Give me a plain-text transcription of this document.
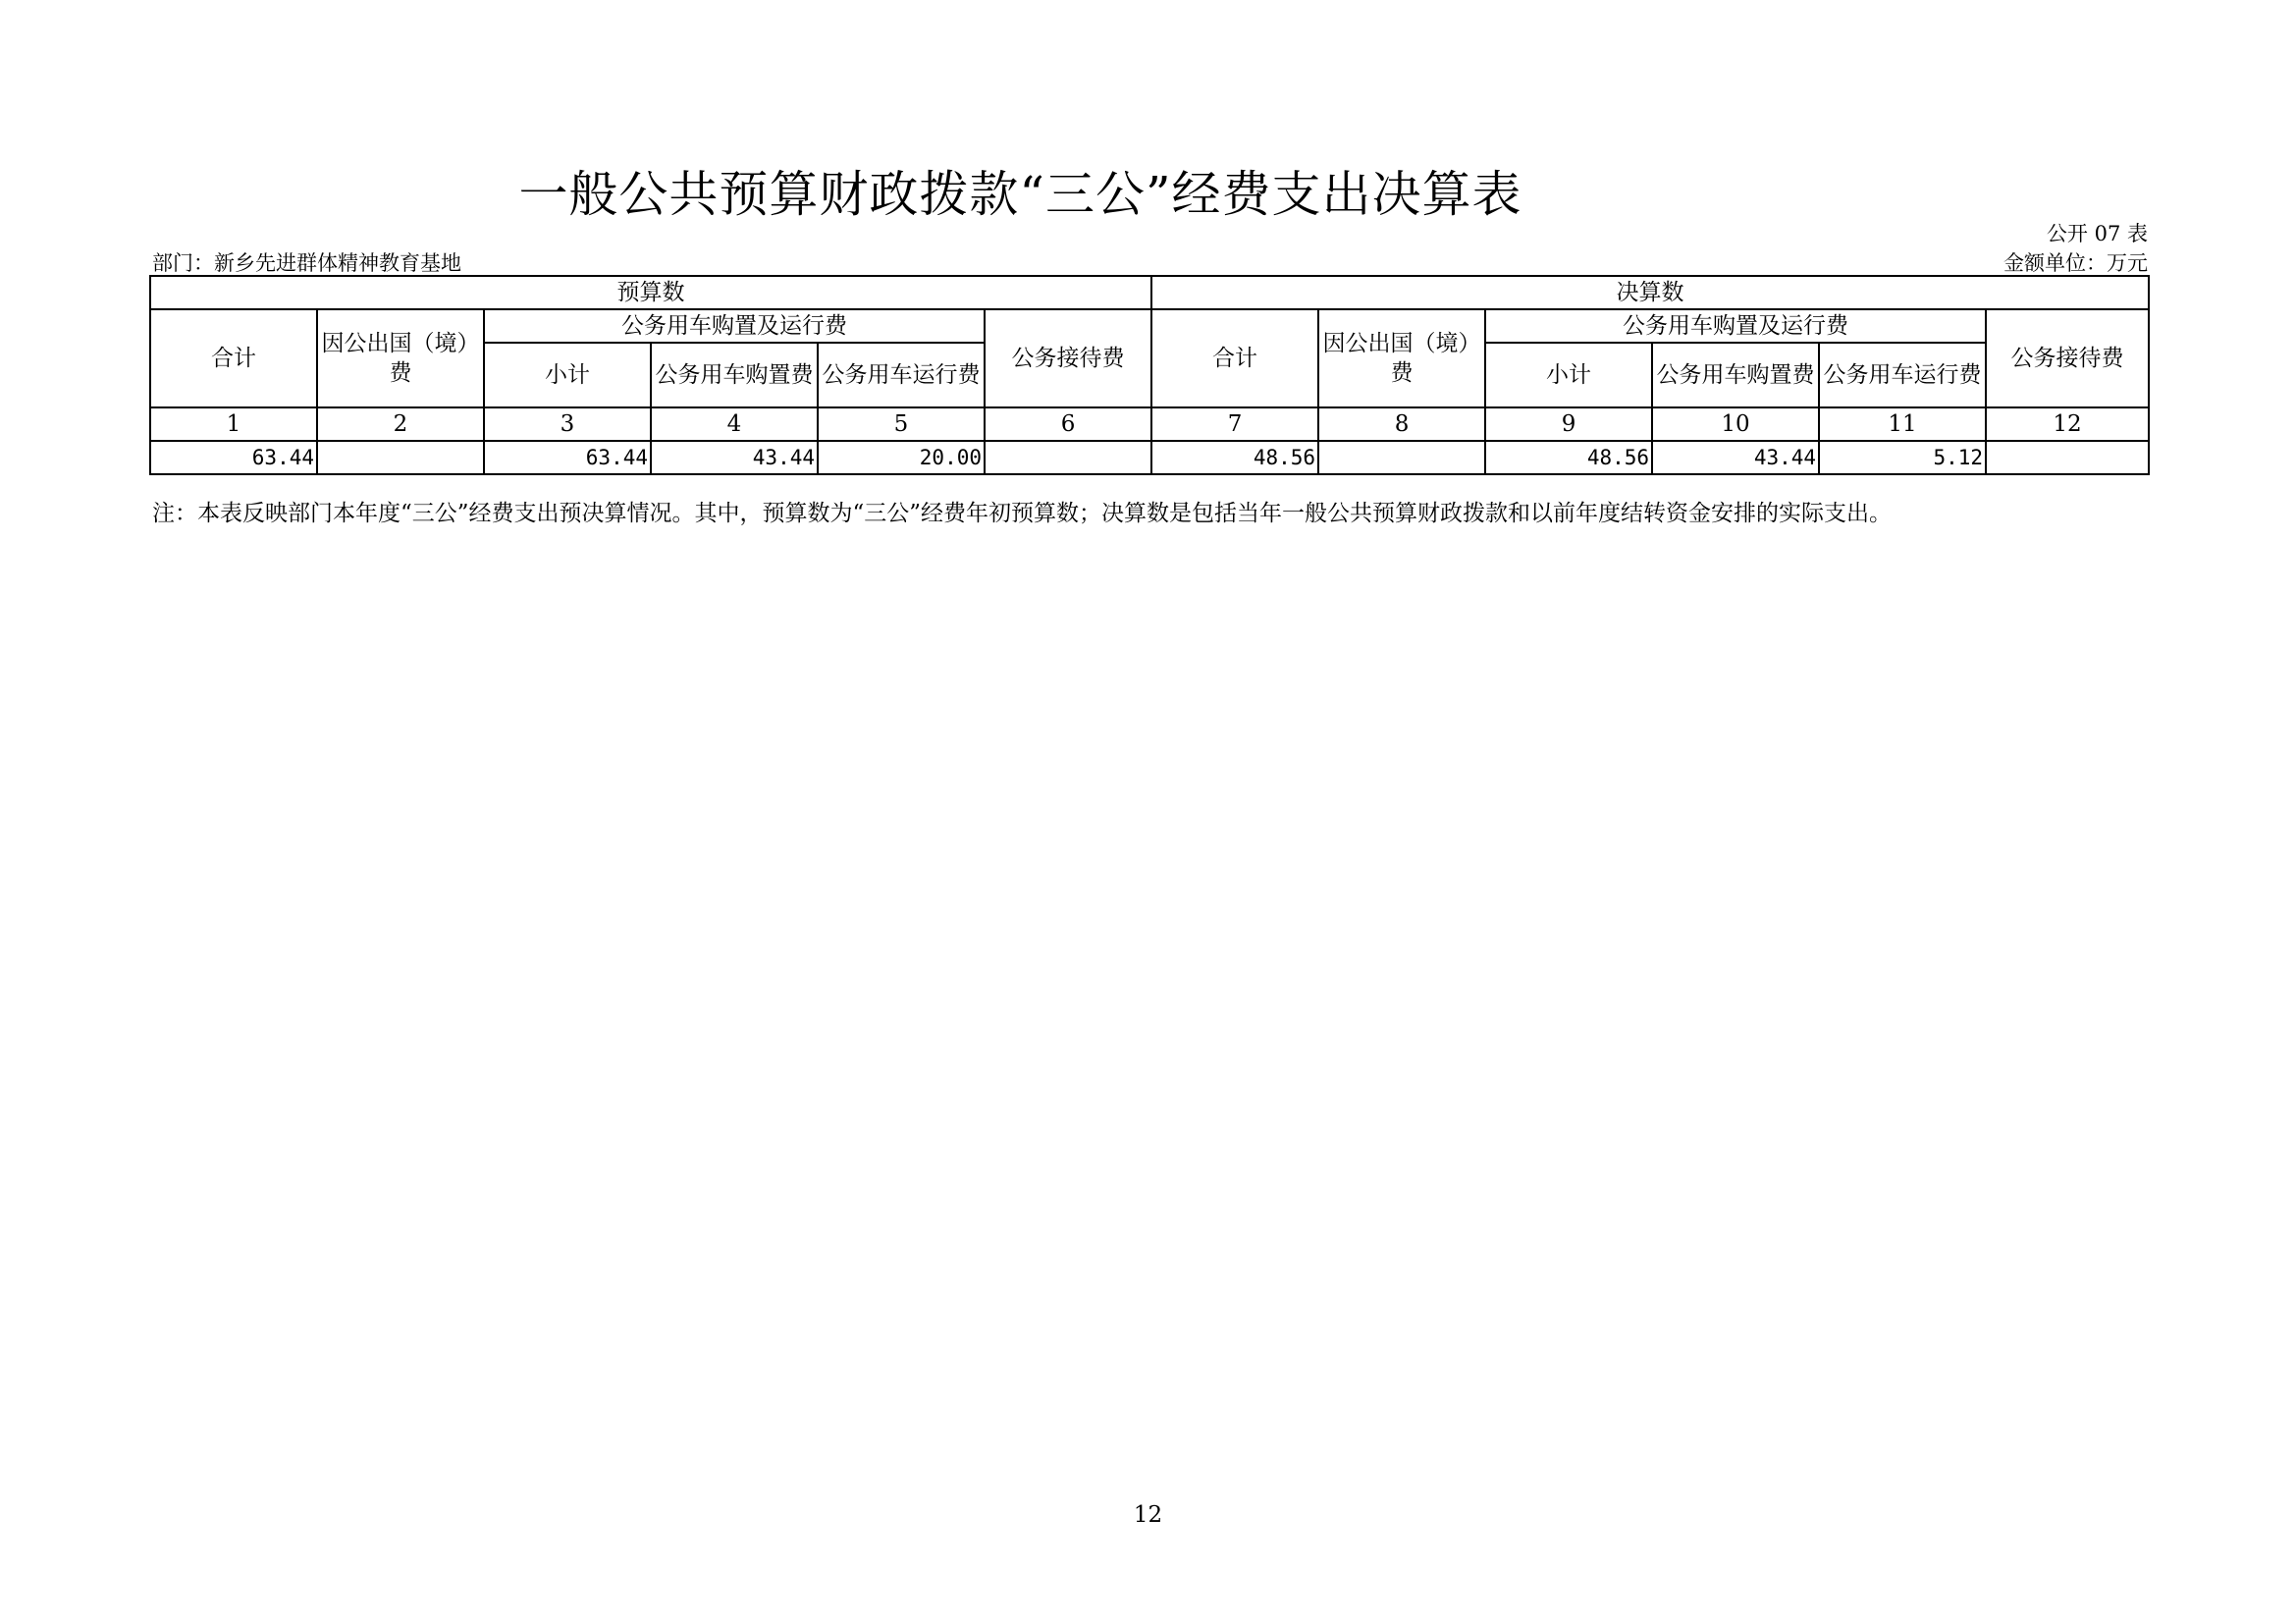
一般公共预算财政拨款“三公”经费支出决算表
公开 07 表
部门：新乡先进群体精神教育基地	金额单位：万元
预算数						决算数					
合计	因公出国（境）费	公务用车购置及运行费			公务接待费	合计	因公出国（境）费	公务用车购置及运行费			公务接待费
		小计	公务用车购置费	公务用车运行费				小计	公务用车购置费	公务用车运行费	
1	2	3	4	5	6	7	8	9	10	11	12
63.44		63.44	43.44	20.00		48.56		48.56	43.44	5.12	
注：本表反映部门本年度“三公”经费支出预决算情况。其中，预算数为“三公”经费年初预算数；决算数是包括当年一般公共预算财政拨款和以前年度结转资金安排的实际支出。
12
